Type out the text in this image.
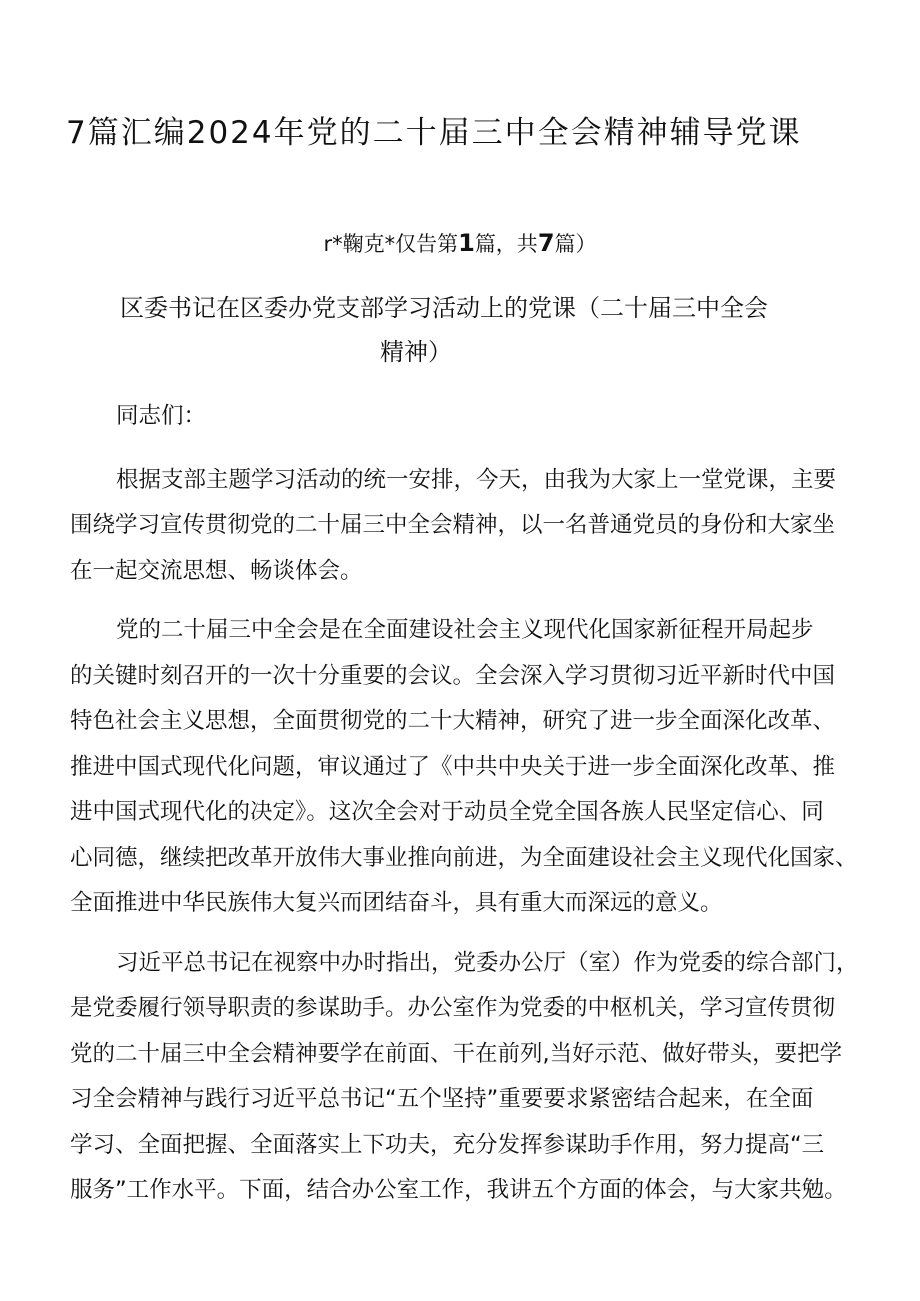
7篇汇编2024年党的二十届三中全会精神辅导党课
r*鞠克*仅告第1篇，共7篇）
区委书记在区委办党支部学习活动上的党课（二十届三中全会
精神）
同志们：

根据支部主题学习活动的统一安排，今天，由我为大家上一堂党课，主要
围绕学习宣传贯彻党的二十届三中全会精神，以一名普通党员的身份和大家坐
在一起交流思想、畅谈体会。

党的二十届三中全会是在全面建设社会主义现代化国家新征程开局起步
的关键时刻召开的一次十分重要的会议。全会深入学习贯彻习近平新时代中国
特色社会主义思想，全面贯彻党的二十大精神，研究了进一步全面深化改革、
推进中国式现代化问题，审议通过了《中共中央关于进一步全面深化改革、推
进中国式现代化的决定》。这次全会对于动员全党全国各族人民坚定信心、同
心同德，继续把改革开放伟大事业推向前进，为全面建设社会主义现代化国家、
全面推进中华民族伟大复兴而团结奋斗，具有重大而深远的意义。

习近平总书记在视察中办时指出，党委办公厅（室）作为党委的综合部门，
是党委履行领导职责的参谋助手。办公室作为党委的中枢机关，学习宣传贯彻
党的二十届三中全会精神要学在前面、干在前列,当好示范、做好带头，要把学
习全会精神与践行习近平总书记“五个坚持”重要要求紧密结合起来，在全面
学习、全面把握、全面落实上下功夫，充分发挥参谋助手作用，努力提高“三
服务”工作水平。下面，结合办公室工作，我讲五个方面的体会，与大家共勉。
